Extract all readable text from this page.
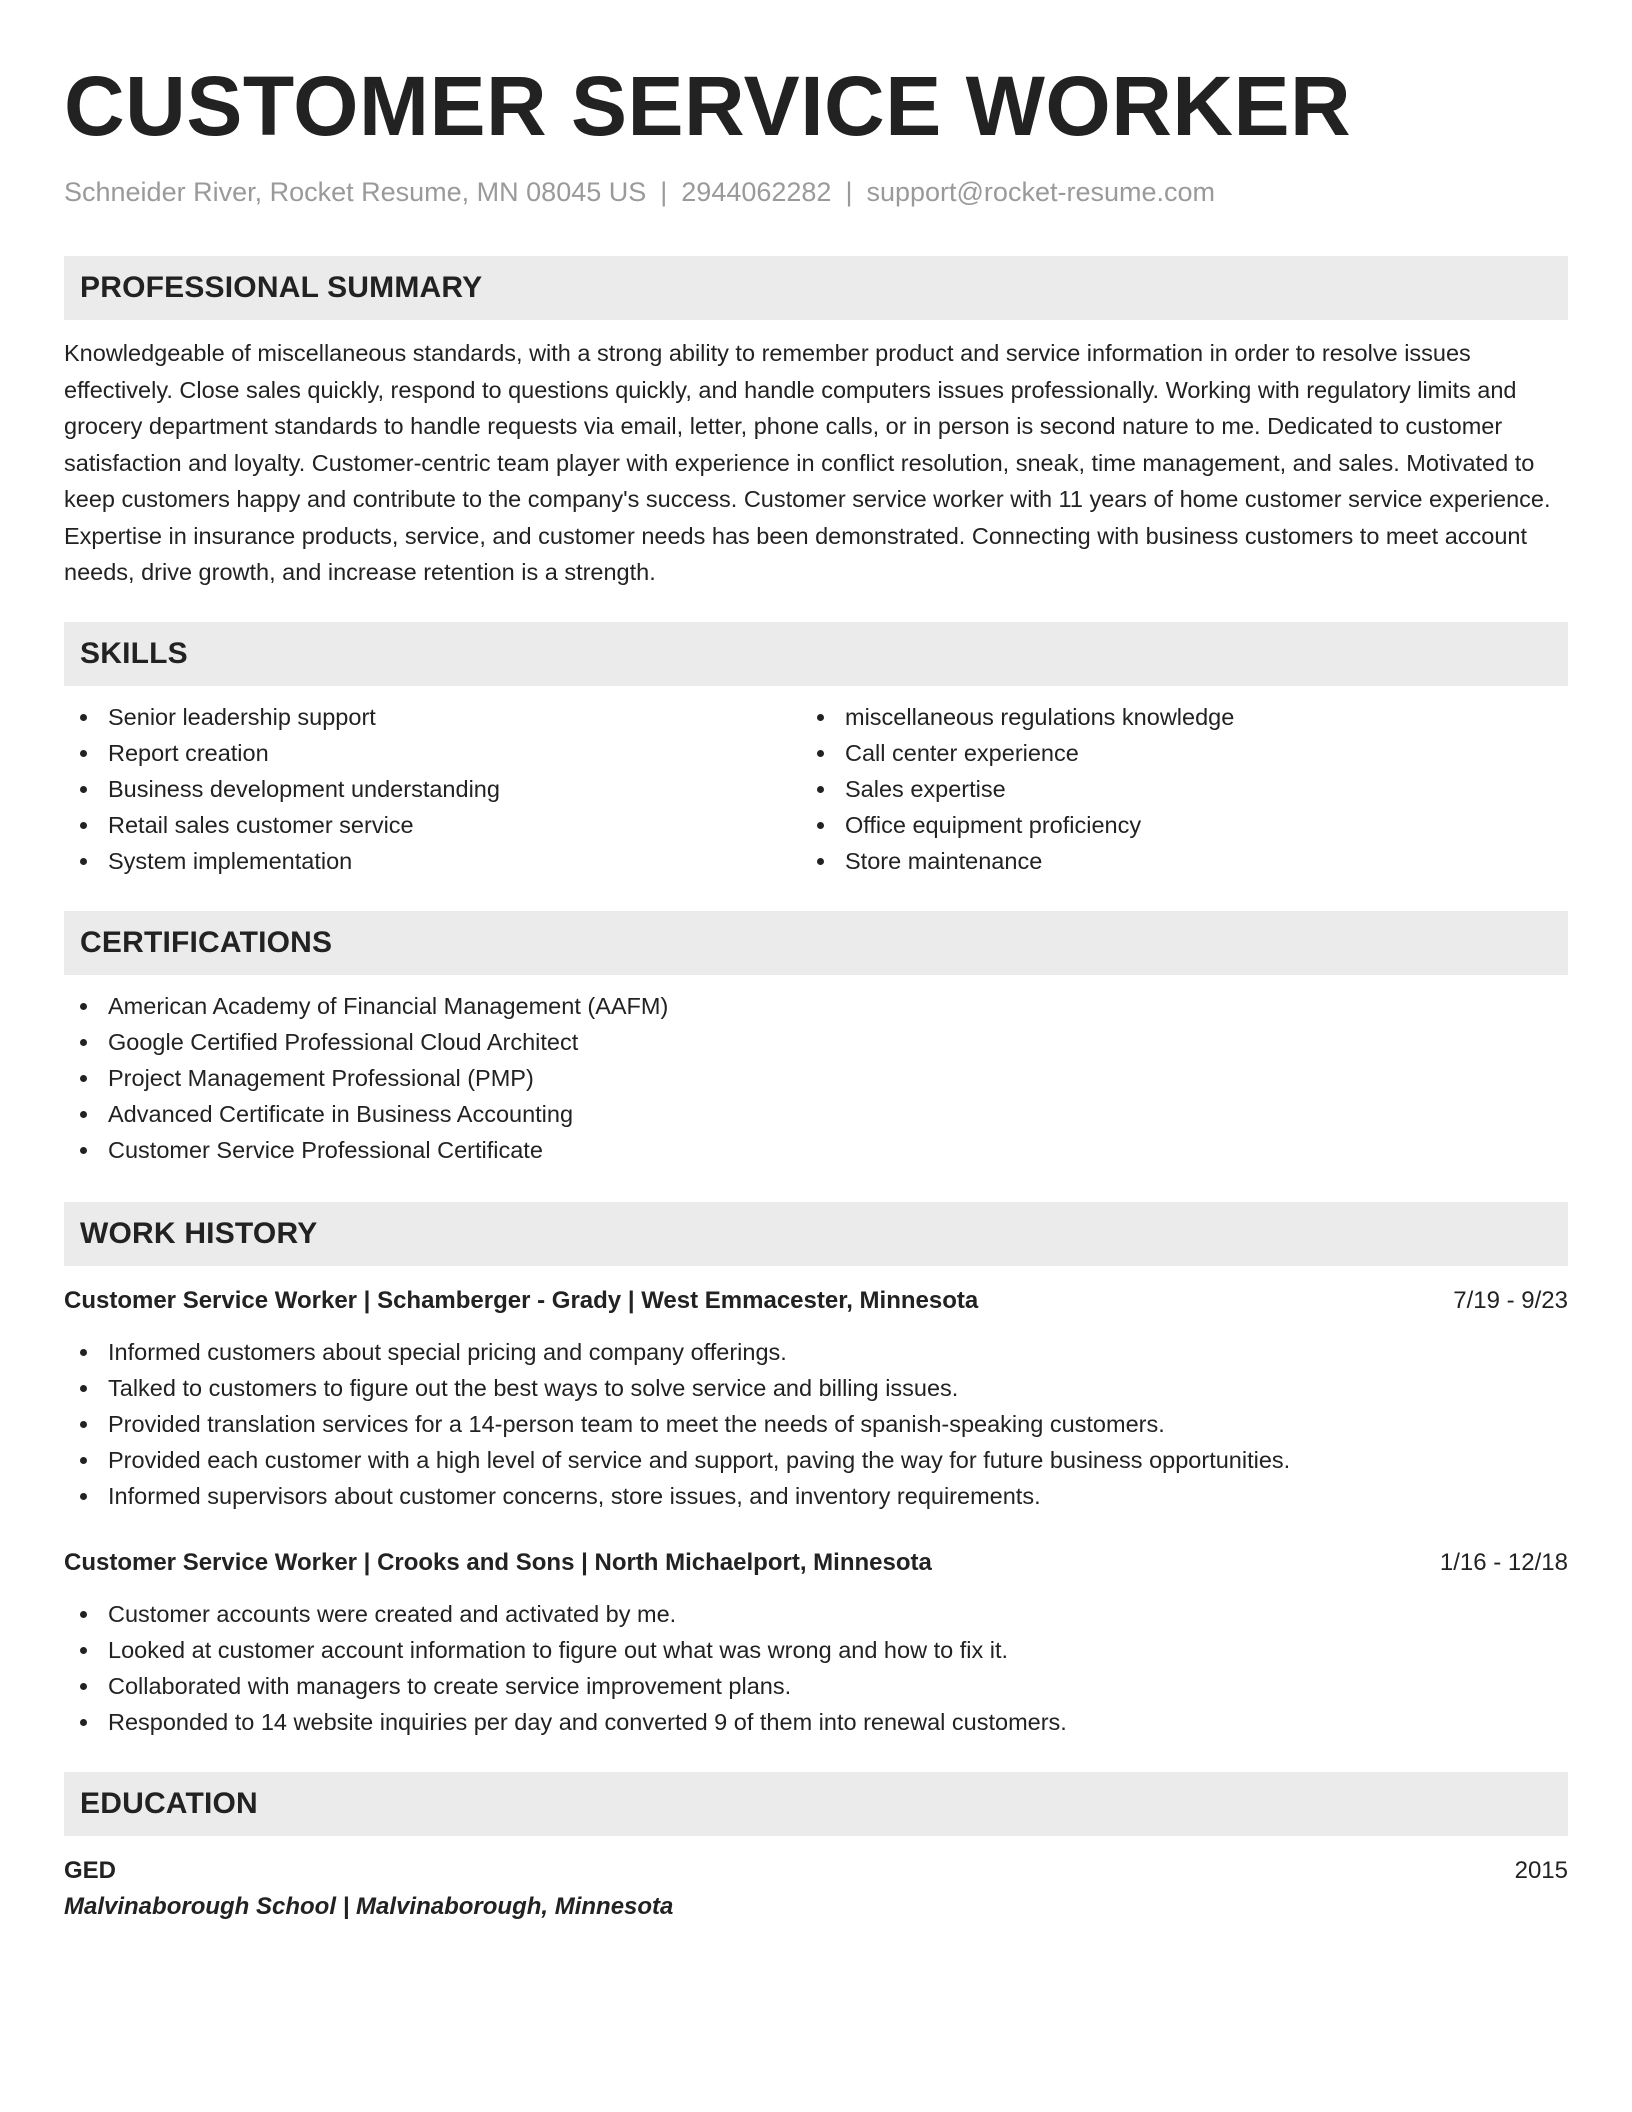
CUSTOMER SERVICE WORKER
Schneider River, Rocket Resume, MN 08045 US | 2944062282 | support@rocket-resume.com
PROFESSIONAL SUMMARY

Knowledgeable of miscellaneous standards, with a strong ability to remember product and service information in order to resolve issues effectively. Close sales quickly, respond to questions quickly, and handle computers issues professionally. Working with regulatory limits and grocery department standards to handle requests via email, letter, phone calls, or in person is second nature to me. Dedicated to customer satisfaction and loyalty. Customer-centric team player with experience in conflict resolution, sneak, time management, and sales. Motivated to keep customers happy and contribute to the company's success. Customer service worker with 11 years of home customer service experience. Expertise in insurance products, service, and customer needs has been demonstrated. Connecting with business customers to meet account needs, drive growth, and increase retention is a strength.

SKILLS
Senior leadership support
Report creation
Business development understanding
Retail sales customer service
System implementation
miscellaneous regulations knowledge
Call center experience
Sales expertise
Office equipment proficiency
Store maintenance
CERTIFICATIONS
American Academy of Financial Management (AAFM)
Google Certified Professional Cloud Architect
Project Management Professional (PMP)
Advanced Certificate in Business Accounting
Customer Service Professional Certificate
WORK HISTORY
Customer Service Worker | Schamberger - Grady | West Emmacester, Minnesota	7/19 - 9/23
Informed customers about special pricing and company offerings.
Talked to customers to figure out the best ways to solve service and billing issues.
Provided translation services for a 14-person team to meet the needs of spanish-speaking customers.
Provided each customer with a high level of service and support, paving the way for future business opportunities.
Informed supervisors about customer concerns, store issues, and inventory requirements.
Customer Service Worker | Crooks and Sons | North Michaelport, Minnesota	1/16 - 12/18
Customer accounts were created and activated by me.
Looked at customer account information to figure out what was wrong and how to fix it.
Collaborated with managers to create service improvement plans.
Responded to 14 website inquiries per day and converted 9 of them into renewal customers.
EDUCATION
GED	2015
Malvinaborough School | Malvinaborough, Minnesota
